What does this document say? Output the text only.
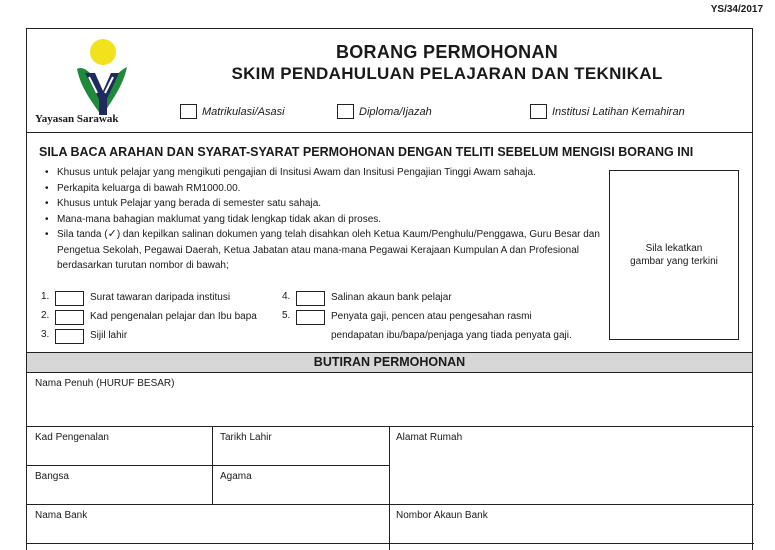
YS/34/2017
Yayasan Sarawak
BORANG PERMOHONAN
SKIM PENDAHULUAN PELAJARAN DAN TEKNIKAL
Matrikulasi/Asasi	Diploma/Ijazah	Institusi Latihan Kemahiran
SILA BACA ARAHAN DAN SYARAT-SYARAT PERMOHONAN DENGAN TELITI SEBELUM MENGISI BORANG INI
• Khusus untuk pelajar yang mengikuti pengajian di Insitusi Awam dan Insitusi Pengajian Tinggi Awam sahaja.
• Perkapita keluarga di bawah RM1000.00.
• Khusus untuk Pelajar yang berada di semester satu sahaja.
• Mana-mana bahagian maklumat yang tidak lengkap tidak akan di proses.
• Sila tanda (✓) dan kepilkan salinan dokumen yang telah disahkan oleh Ketua Kaum/Penghulu/Penggawa, Guru Besar dan Pengetua Sekolah, Pegawai Daerah, Ketua Jabatan atau mana-mana Pegawai Kerajaan Kumpulan A dan Profesional berdasarkan turutan nombor di bawah;
Sila lekatkan
gambar yang terkini
1.	Surat tawaran daripada institusi
2.	Kad pengenalan pelajar dan Ibu bapa
3.	Sijil lahir
4.	Salinan akaun bank pelajar
5.	Penyata gaji, pencen atau pengesahan rasmi
pendapatan ibu/bapa/penjaga yang tiada penyata gaji.
BUTIRAN PERMOHONAN
Nama Penuh (HURUF BESAR)
Kad Pengenalan	Tarikh Lahir	Alamat Rumah
Bangsa	Agama
Nama Bank	Nombor Akaun Bank
